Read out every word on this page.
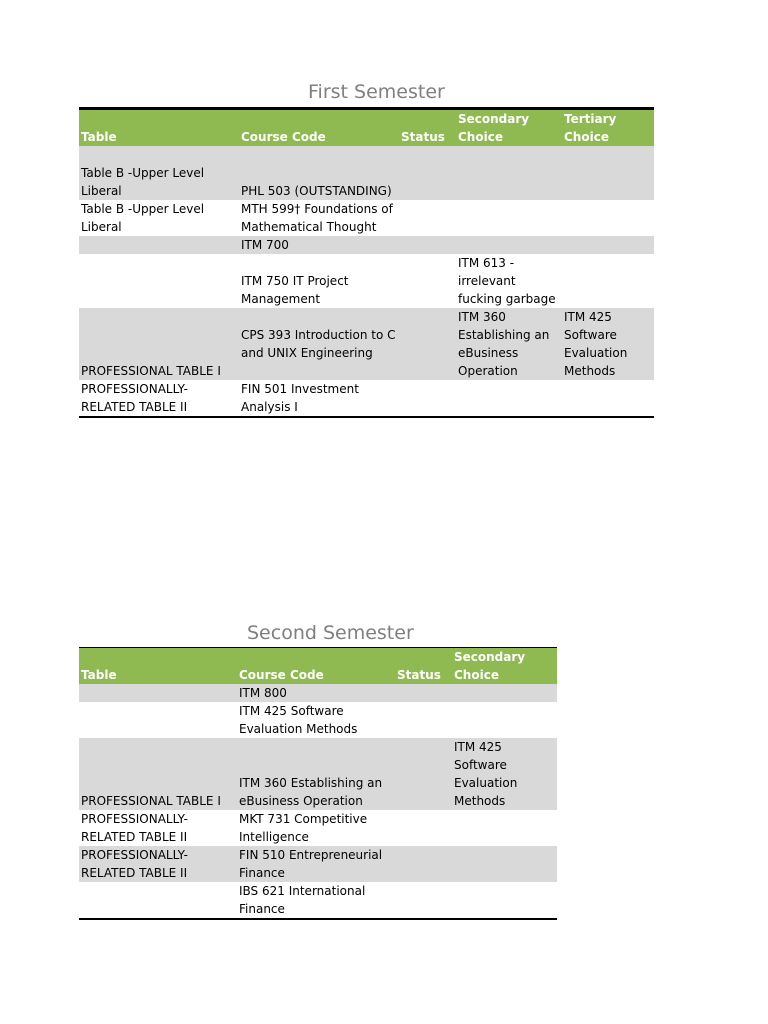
First Semester
Table	Course Code	Status	Secondary Choice	Tertiary Choice

Table B -Upper Level Liberal	PHL 503 (OUTSTANDING)			
Table B -Upper Level Liberal	MTH 599† Foundations of Mathematical Thought			
	ITM 700			
	ITM 750 IT Project Management		ITM 613 - irrelevant fucking garbage	
PROFESSIONAL TABLE I	CPS 393 Introduction to C and UNIX Engineering		ITM 360 Establishing an eBusiness Operation	ITM 425 Software Evaluation Methods
PROFESSIONALLY-RELATED TABLE II	FIN 501 Investment Analysis I			
Second Semester
Table	Course Code	Status	Secondary Choice
	ITM 800		
	ITM 425 Software Evaluation Methods		
PROFESSIONAL TABLE I	ITM 360 Establishing an eBusiness Operation		ITM 425 Software Evaluation Methods
PROFESSIONALLY-RELATED TABLE II	MKT 731 Competitive Intelligence		
PROFESSIONALLY-RELATED TABLE II	FIN 510 Entrepreneurial Finance		
	IBS 621 International Finance		
